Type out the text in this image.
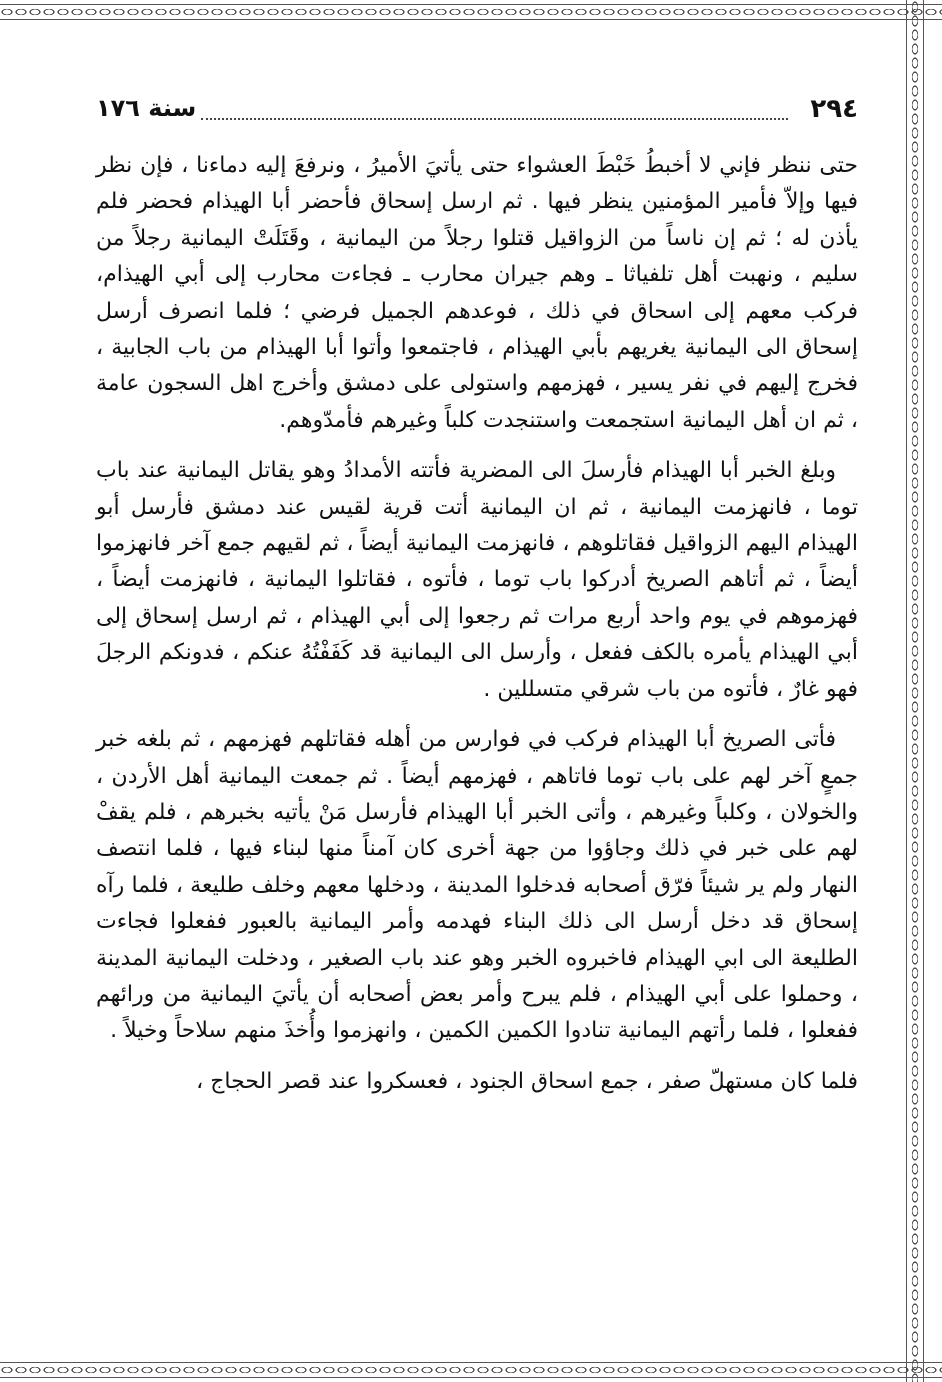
٢٩٤
سنة ١٧٦

حتى ننظر فإني لا أخبطُ خَبْطَ العشواء حتى يأتيَ الأميرُ ، ونرفعَ إليه دماءنا ، فإن نظر فيها وإلاّ فأمير المؤمنين ينظر فيها . ثم ارسل إسحاق فأحضر أبا الهيذام فحضر فلم يأذن له ؛ ثم إن ناساً من الزواقيل قتلوا رجلاً من اليمانية ، وقَتَلَتْ اليمانية رجلاً من سليم ، ونهبت أهل تلفياثا ـ وهم جيران محارب ـ فجاءت محارب إلى أبي الهيذام، فركب معهم إلى اسحاق في ذلك ، فوعدهم الجميل فرضي ؛ فلما انصرف أرسل إسحاق الى اليمانية يغريهم بأبي الهيذام ، فاجتمعوا وأتوا أبا الهيذام من باب الجابية ، فخرج إليهم في نفر يسير ، فهزمهم واستولى على دمشق وأخرج اهل السجون عامة ، ثم ان أهل اليمانية استجمعت واستنجدت كلباً وغيرهم فأمدّوهم.

وبلغ الخبر أبا الهيذام فأرسلَ الى المضرية فأتته الأمدادُ وهو يقاتل اليمانية عند باب توما ، فانهزمت اليمانية ، ثم ان اليمانية أتت قرية لقيس عند دمشق فأرسل أبو الهيذام اليهم الزواقيل فقاتلوهم ، فانهزمت اليمانية أيضاً ، ثم لقيهم جمع آخر فانهزموا أيضاً ، ثم أتاهم الصريخ أدركوا باب توما ، فأتوه ، فقاتلوا اليمانية ، فانهزمت أيضاً ، فهزموهم في يوم واحد أربع مرات ثم رجعوا إلى أبي الهيذام ، ثم ارسل إسحاق إلى أبي الهيذام يأمره بالكف ففعل ، وأرسل الى اليمانية قد كَفَفْتُهُ عنكم ، فدونكم الرجلَ فهو غارٌ ، فأتوه من باب شرقي متسللين .

فأتى الصريخ أبا الهيذام فركب في فوارس من أهله فقاتلهم فهزمهم ، ثم بلغه خبر جمعٍ آخر لهم على باب توما فاتاهم ، فهزمهم أيضاً . ثم جمعت اليمانية أهل الأردن ، والخولان ، وكلباً وغيرهم ، وأتى الخبر أبا الهيذام فأرسل مَنْ يأتيه بخبرهم ، فلم يقفْ لهم على خبر في ذلك وجاؤوا من جهة أخرى كان آمناً منها لبناء فيها ، فلما انتصف النهار ولم ير شيئاً فرّق أصحابه فدخلوا المدينة ، ودخلها معهم وخلف طليعة ، فلما رآه إسحاق قد دخل أرسل الى ذلك البناء فهدمه وأمر اليمانية بالعبور ففعلوا فجاءت الطليعة الى ابي الهيذام فاخبروه الخبر وهو عند باب الصغير ، ودخلت اليمانية المدينة ، وحملوا على أبي الهيذام ، فلم يبرح وأمر بعض أصحابه أن يأتيَ اليمانية من ورائهم ففعلوا ، فلما رأتهم اليمانية تنادوا الكمين الكمين ، وانهزموا وأُخذَ منهم سلاحاً وخيلاً .

فلما كان مستهلّ صفر ، جمع اسحاق الجنود ، فعسكروا عند قصر الحجاج ،
